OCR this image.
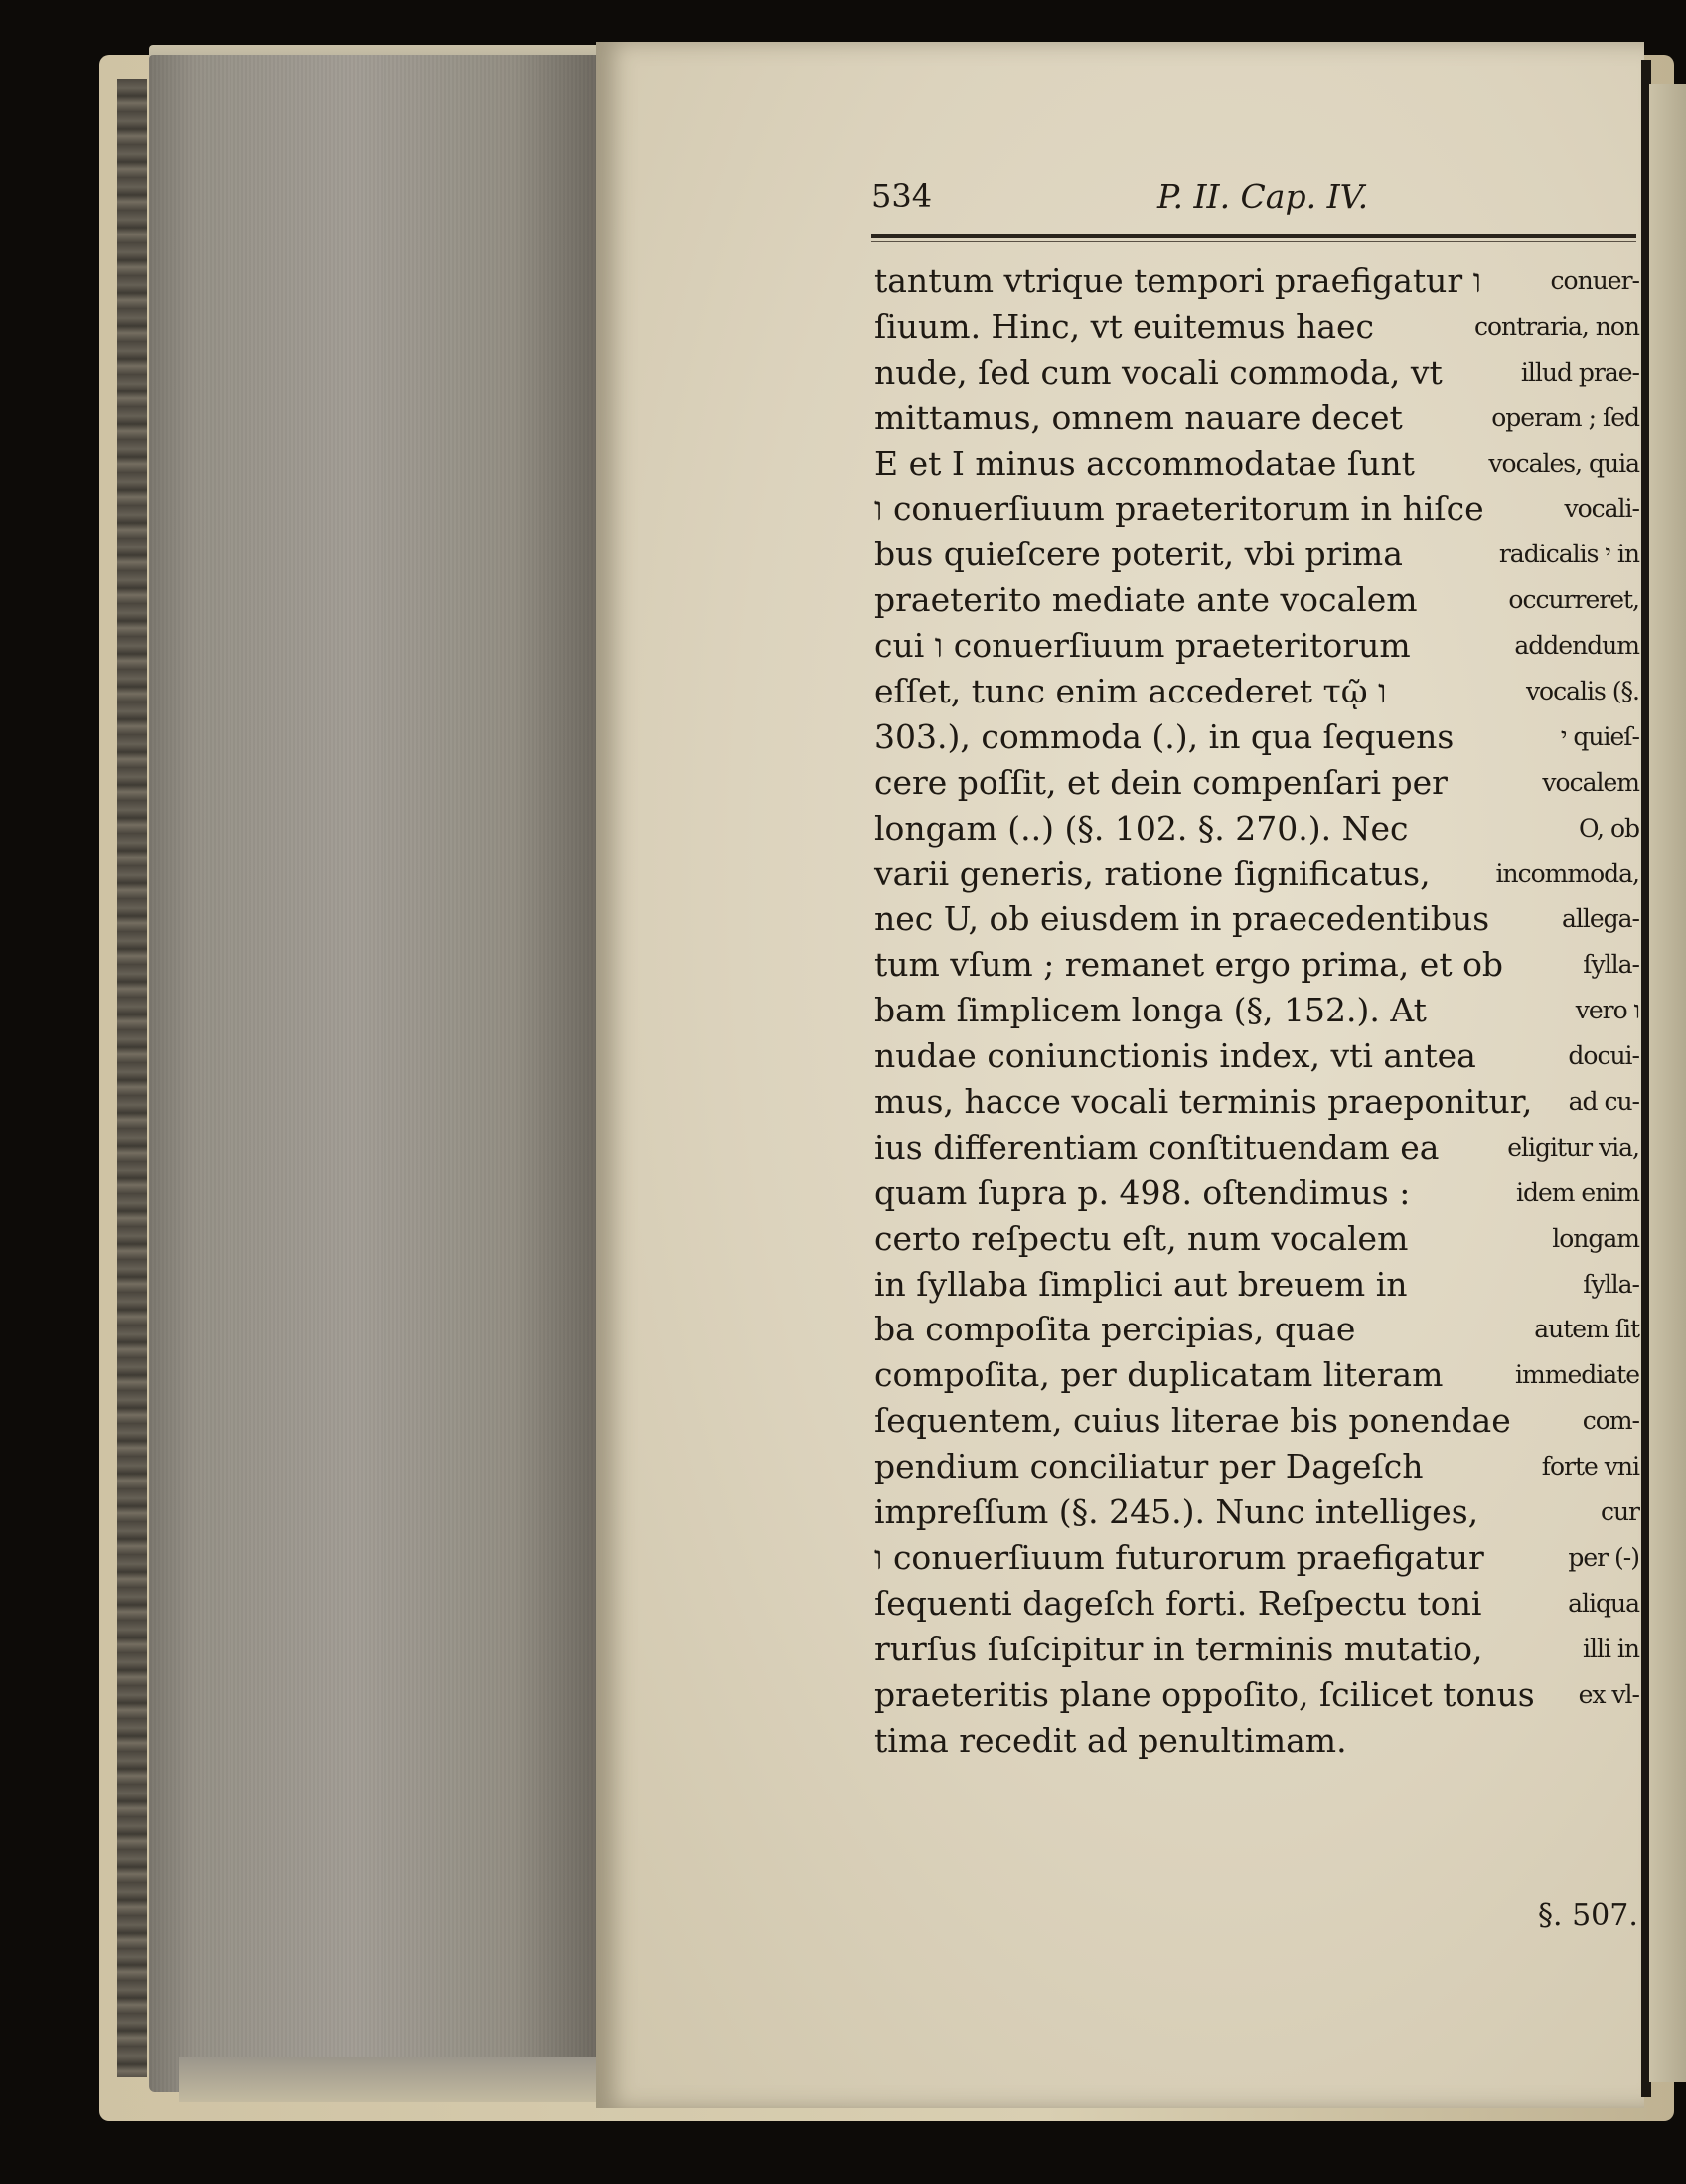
534	P. II. Cap. IV.
tantum vtrique tempori praefigatur ו	conuer-
ſiuum. Hinc, vt euitemus haec	contraria, non
nude, ſed cum vocali commoda, vt	illud prae-
mittamus, omnem nauare decet	operam ; ſed
E et I minus accommodatae ſunt	vocales, quia
ו conuerſiuum praeteritorum in hiſce	vocali-
bus quieſcere poterit, vbi prima	radicalis י in
praeterito mediate ante vocalem	occurreret,
cui ו conuerſiuum praeteritorum	addendum
eſſet, tunc enim accederet τῷ ו	vocalis (§.
303.), commoda (.), in qua ſequens	י quieſ-
cere poſſit, et dein compenſari per	vocalem
longam (..) (§. 102. §. 270.). Nec	O, ob
varii generis, ratione ſignificatus,	incommoda,
nec U, ob eiusdem in praecedentibus	allega-
tum vſum ; remanet ergo prima, et ob	ſylla-
bam ſimplicem longa (§, 152.). At	vero ו
nudae coniunctionis index, vti antea	docui-
mus, hacce vocali terminis praeponitur, ad cu-
ius differentiam conſtituendam ea	eligitur via,
quam ſupra p. 498. oſtendimus :	idem enim
certo reſpectu eſt, num vocalem	longam
in ſyllaba ſimplici aut breuem in	ſylla-
ba compoſita percipias, quae	autem ſit
compoſita, per duplicatam literam	immediate
ſequentem, cuius literae bis ponendae	com-
pendium conciliatur per Dageſch	forte vni
impreſſum (§. 245.). Nunc intelliges,	cur
ו conuerſiuum futurorum praefigatur	per (-)
ſequenti dageſch forti. Reſpectu toni	aliqua
rurſus ſuſcipitur in terminis mutatio,	illi in
praeteritis plane oppoſito, ſcilicet tonus ex vl-
tima recedit ad penultimam.
§. 507.
